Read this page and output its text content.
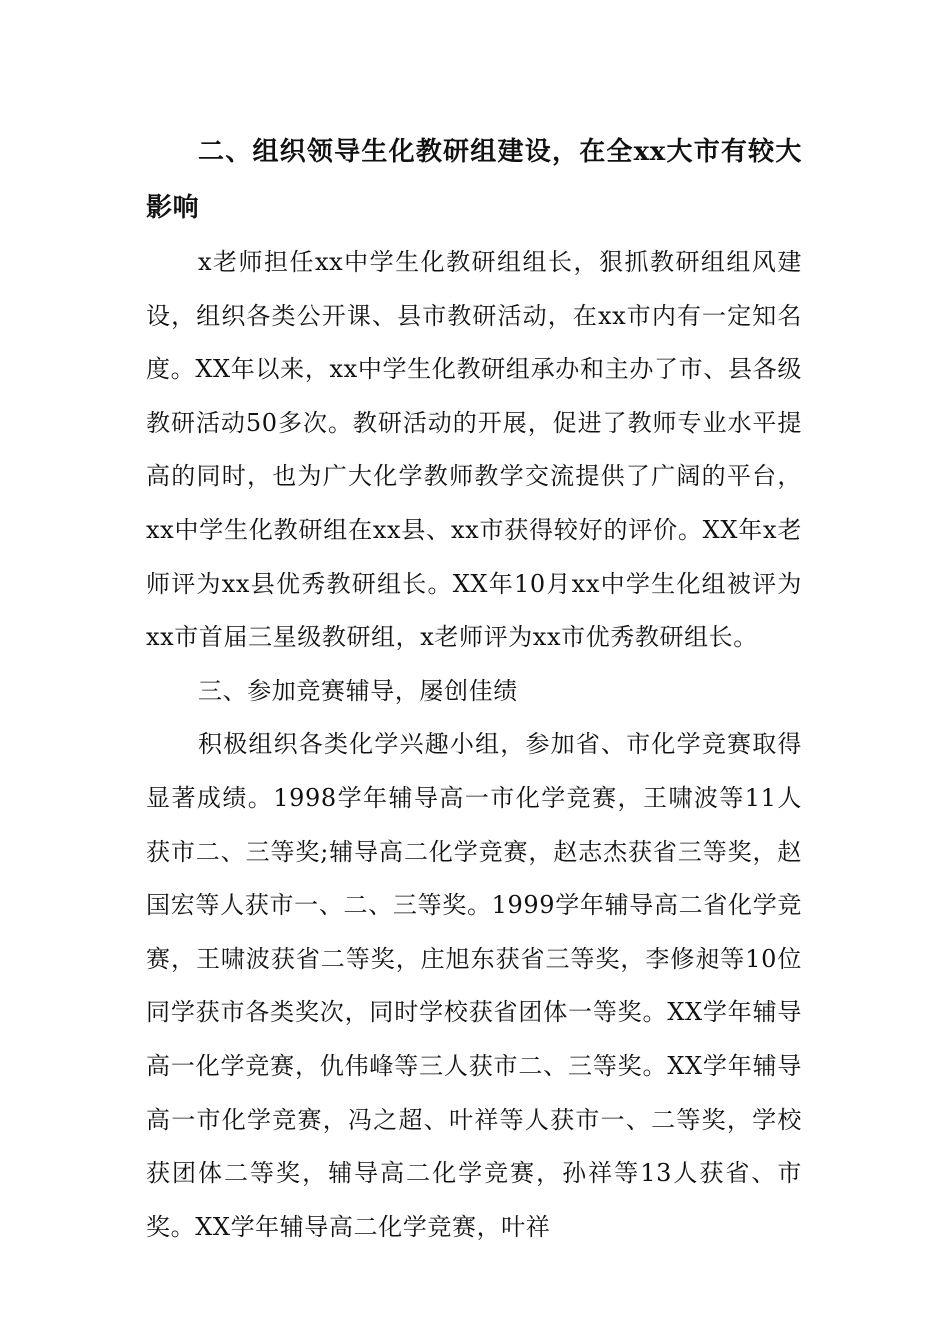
二、组织领导生化教研组建设，在全xx大市有较大影响

x老师担任xx中学生化教研组组长，狠抓教研组组风建设，组织各类公开课、县市教研活动，在xx市内有一定知名度。XX年以来，xx中学生化教研组承办和主办了市、县各级教研活动50多次。教研活动的开展，促进了教师专业水平提高的同时，也为广大化学教师教学交流提供了广阔的平台，xx中学生化教研组在xx县、xx市获得较好的评价。XX年x老师评为xx县优秀教研组长。XX年10月xx中学生化组被评为xx市首届三星级教研组，x老师评为xx市优秀教研组长。

三、参加竞赛辅导，屡创佳绩

积极组织各类化学兴趣小组，参加省、市化学竞赛取得显著成绩。1998学年辅导高一市化学竞赛，王啸波等11人获市二、三等奖;辅导高二化学竞赛，赵志杰获省三等奖，赵国宏等人获市一、二、三等奖。1999学年辅导高二省化学竞赛，王啸波获省二等奖，庄旭东获省三等奖，李修昶等10位同学获市各类奖次，同时学校获省团体一等奖。XX学年辅导高一化学竞赛，仇伟峰等三人获市二、三等奖。XX学年辅导高一市化学竞赛，冯之超、叶祥等人获市一、二等奖，学校获团体二等奖，辅导高二化学竞赛，孙祥等13人获省、市奖。XX学年辅导高二化学竞赛，叶祥
